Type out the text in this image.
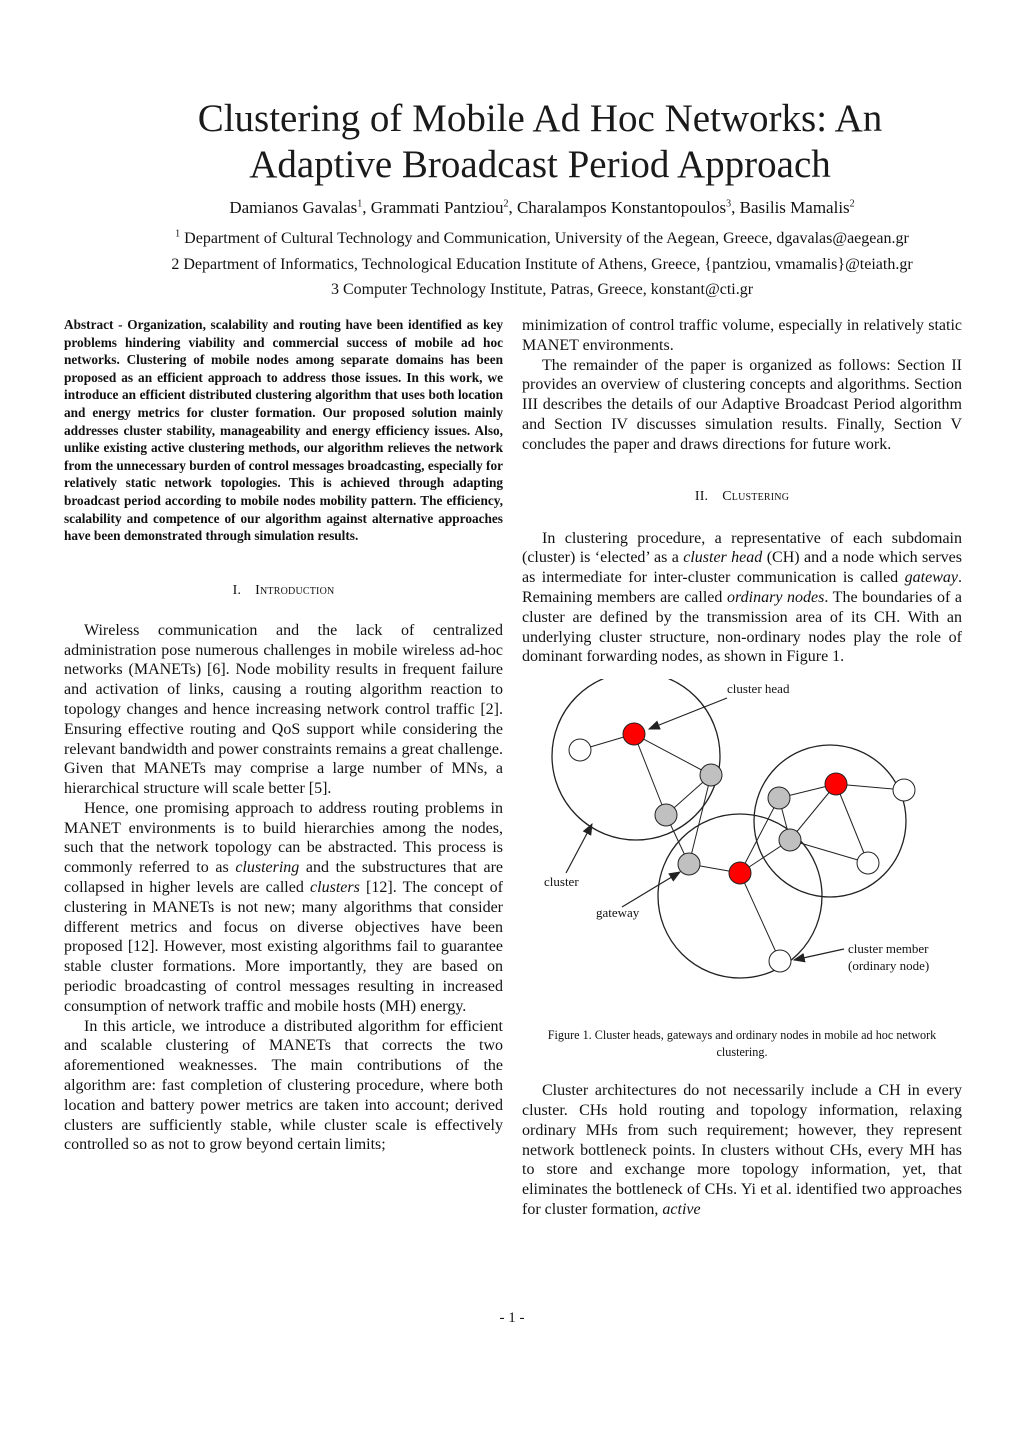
Clustering of Mobile Ad Hoc Networks: An
Adaptive Broadcast Period Approach

Damianos Gavalas$^1$, Grammati Pantziou$^2$, Charalampos Konstantopoulos$^3$, Basilis Mamalis$^2$

$^1$ Department of Cultural Technology and Communication, University of the Aegean, Greece, dgavalas@aegean.gr

2 Department of Informatics, Technological Education Institute of Athens, Greece, {pantziou, vmamalis}@teiath.gr

3 Computer Technology Institute, Patras, Greece, konstant@cti.gr

Abstract - Organization, scalability and routing have been identified as key problems hindering viability and commercial success of mobile ad hoc networks. Clustering of mobile nodes among separate domains has been proposed as an efficient approach to address those issues. In this work, we introduce an efficient distributed clustering algorithm that uses both location and energy metrics for cluster formation. Our proposed solution mainly addresses cluster stability, manageability and energy efficiency issues. Also, unlike existing active clustering methods, our algorithm relieves the network from the unnecessary burden of control messages broadcasting, especially for relatively static network topologies. This is achieved through adapting broadcast period according to mobile nodes mobility pattern. The efficiency, scalability and competence of our algorithm against alternative approaches have been demonstrated through simulation results.

I. Introduction

Wireless communication and the lack of centralized administration pose numerous challenges in mobile wireless ad-hoc networks (MANETs) [6]. Node mobility results in frequent failure and activation of links, causing a routing algorithm reaction to topology changes and hence increasing network control traffic [2]. Ensuring effective routing and QoS support while considering the relevant bandwidth and power constraints remains a great challenge. Given that MANETs may comprise a large number of MNs, a hierarchical structure will scale better [5].

Hence, one promising approach to address routing problems in MANET environments is to build hierarchies among the nodes, such that the network topology can be abstracted. This process is commonly referred to as clustering and the substructures that are collapsed in higher levels are called clusters [12]. The concept of clustering in MANETs is not new; many algorithms that consider different metrics and focus on diverse objectives have been proposed [12]. However, most existing algorithms fail to guarantee stable cluster formations. More importantly, they are based on periodic broadcasting of control messages resulting in increased consumption of network traffic and mobile hosts (MH) energy.

In this article, we introduce a distributed algorithm for efficient and scalable clustering of MANETs that corrects the two aforementioned weaknesses. The main contributions of the algorithm are: fast completion of clustering procedure, where both location and battery power metrics are taken into account; derived clusters are sufficiently stable, while cluster scale is effectively controlled so as not to grow beyond certain limits;

minimization of control traffic volume, especially in relatively static MANET environments.

The remainder of the paper is organized as follows: Section II provides an overview of clustering concepts and algorithms. Section III describes the details of our Adaptive Broadcast Period algorithm and Section IV discusses simulation results. Finally, Section V concludes the paper and draws directions for future work.

II. Clustering

In clustering procedure, a representative of each subdomain (cluster) is ‘elected’ as a cluster head (CH) and a node which serves as intermediate for inter-cluster communication is called gateway. Remaining members are called ordinary nodes. The boundaries of a cluster are defined by the transmission area of its CH. With an underlying cluster structure, non-ordinary nodes play the role of dominant forwarding nodes, as shown in Figure 1.

cluster head
cluster
gateway
cluster member
(ordinary node)

Figure 1. Cluster heads, gateways and ordinary nodes in mobile ad hoc network
clustering.

Cluster architectures do not necessarily include a CH in every cluster. CHs hold routing and topology information, relaxing ordinary MHs from such requirement; however, they represent network bottleneck points. In clusters without CHs, every MH has to store and exchange more topology information, yet, that eliminates the bottleneck of CHs. Yi et al. identified two approaches for cluster formation, active

- 1 -
